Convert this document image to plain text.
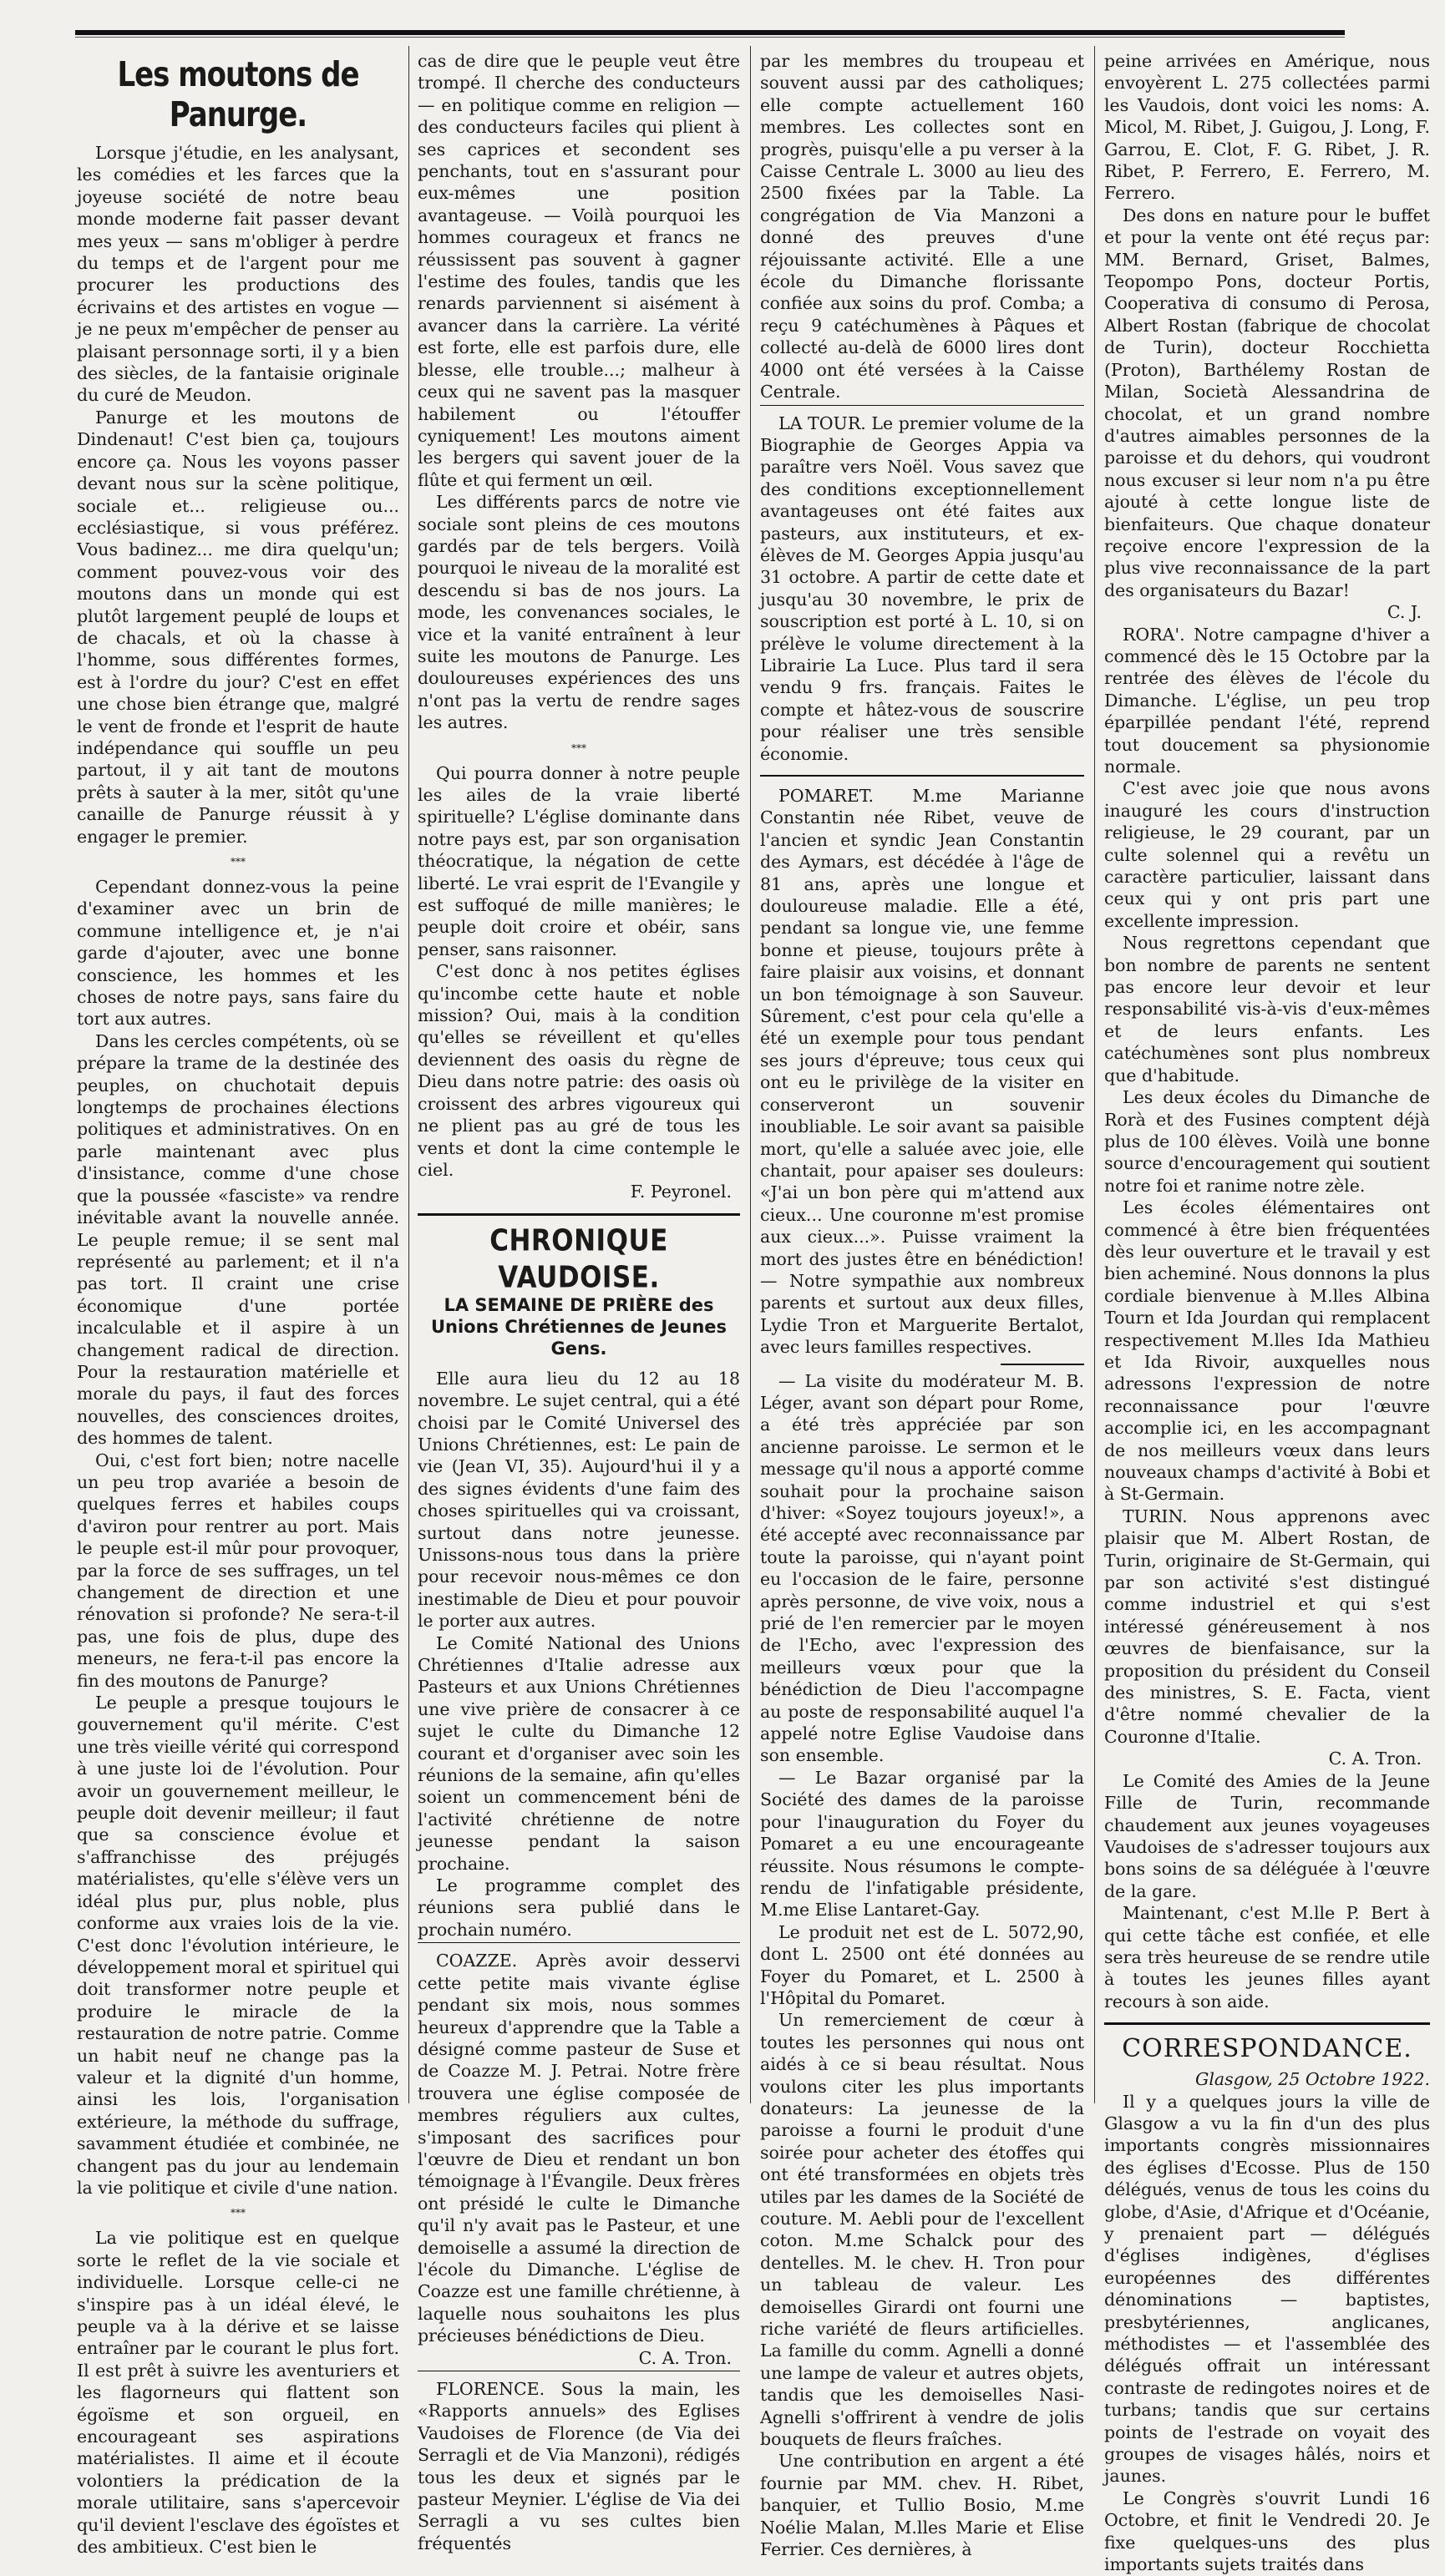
Les moutons de Panurge.

Lorsque j'étudie, en les analysant, les comédies et les farces que la joyeuse société de notre beau monde moderne fait passer devant mes yeux — sans m'obliger à perdre du temps et de l'argent pour me procurer les productions des écrivains et des artistes en vogue — je ne peux m'empêcher de penser au plaisant personnage sorti, il y a bien des siècles, de la fantaisie originale du curé de Meudon.

Panurge et les moutons de Dindenaut! C'est bien ça, toujours encore ça. Nous les voyons passer devant nous sur la scène politique, sociale et... religieuse ou... ecclésiastique, si vous préférez. Vous badinez... me dira quelqu'un; comment pouvez-vous voir des moutons dans un monde qui est plutôt largement peuplé de loups et de chacals, et où la chasse à l'homme, sous différentes formes, est à l'ordre du jour? C'est en effet une chose bien étrange que, malgré le vent de fronde et l'esprit de haute indépendance qui souffle un peu partout, il y ait tant de moutons prêts à sauter à la mer, sitôt qu'une canaille de Panurge réussit à y engager le premier.

***

Cependant donnez-vous la peine d'examiner avec un brin de commune intelligence et, je n'ai garde d'ajouter, avec une bonne conscience, les hommes et les choses de notre pays, sans faire du tort aux autres.

Dans les cercles compétents, où se prépare la trame de la destinée des peuples, on chuchotait depuis longtemps de prochaines élections politiques et administratives. On en parle maintenant avec plus d'insistance, comme d'une chose que la poussée «fasciste» va rendre inévitable avant la nouvelle année. Le peuple remue; il se sent mal représenté au parlement; et il n'a pas tort. Il craint une crise économique d'une portée incalculable et il aspire à un changement radical de direction. Pour la restauration matérielle et morale du pays, il faut des forces nouvelles, des consciences droites, des hommes de talent.

Oui, c'est fort bien; notre nacelle un peu trop avariée a besoin de quelques ferres et habiles coups d'aviron pour rentrer au port. Mais le peuple est-il mûr pour provoquer, par la force de ses suffrages, un tel changement de direction et une rénovation si profonde? Ne sera-t-il pas, une fois de plus, dupe des meneurs, ne fera-t-il pas encore la fin des moutons de Panurge?

Le peuple a presque toujours le gouvernement qu'il mérite. C'est une très vieille vérité qui correspond à une juste loi de l'évolution. Pour avoir un gouvernement meilleur, le peuple doit devenir meilleur; il faut que sa conscience évolue et s'affranchisse des préjugés matérialistes, qu'elle s'élève vers un idéal plus pur, plus noble, plus conforme aux vraies lois de la vie. C'est donc l'évolution intérieure, le développement moral et spirituel qui doit transformer notre peuple et produire le miracle de la restauration de notre patrie. Comme un habit neuf ne change pas la valeur et la dignité d'un homme, ainsi les lois, l'organisation extérieure, la méthode du suffrage, savamment étudiée et combinée, ne changent pas du jour au lendemain la vie politique et civile d'une nation.

***

La vie politique est en quelque sorte le reflet de la vie sociale et individuelle. Lorsque celle-ci ne s'inspire pas à un idéal élevé, le peuple va à la dérive et se laisse entraîner par le courant le plus fort. Il est prêt à suivre les aventuriers et les flagorneurs qui flattent son égoïsme et son orgueil, en encourageant ses aspirations matérialistes. Il aime et il écoute volontiers la prédication de la morale utilitaire, sans s'apercevoir qu'il devient l'esclave des égoïstes et des ambitieux. C'est bien le

cas de dire que le peuple veut être trompé. Il cherche des conducteurs — en politique comme en religion — des conducteurs faciles qui plient à ses caprices et secondent ses penchants, tout en s'assurant pour eux-mêmes une position avantageuse. — Voilà pourquoi les hommes courageux et francs ne réussissent pas souvent à gagner l'estime des foules, tandis que les renards parviennent si aisément à avancer dans la carrière. La vérité est forte, elle est parfois dure, elle blesse, elle trouble...; malheur à ceux qui ne savent pas la masquer habilement ou l'étouffer cyniquement! Les moutons aiment les bergers qui savent jouer de la flûte et qui ferment un œil.

Les différents parcs de notre vie sociale sont pleins de ces moutons gardés par de tels bergers. Voilà pourquoi le niveau de la moralité est descendu si bas de nos jours. La mode, les convenances sociales, le vice et la vanité entraînent à leur suite les moutons de Panurge. Les douloureuses expériences des uns n'ont pas la vertu de rendre sages les autres.

***

Qui pourra donner à notre peuple les ailes de la vraie liberté spirituelle? L'église dominante dans notre pays est, par son organisation théocratique, la négation de cette liberté. Le vrai esprit de l'Evangile y est suffoqué de mille manières; le peuple doit croire et obéir, sans penser, sans raisonner.

C'est donc à nos petites églises qu'incombe cette haute et noble mission? Oui, mais à la condition qu'elles se réveillent et qu'elles deviennent des oasis du règne de Dieu dans notre patrie: des oasis où croissent des arbres vigoureux qui ne plient pas au gré de tous les vents et dont la cime contemple le ciel.

F. Peyronel.

CHRONIQUE VAUDOISE.
LA SEMAINE DE PRIÈRE des Unions Chrétiennes de Jeunes Gens.

Elle aura lieu du 12 au 18 novembre. Le sujet central, qui a été choisi par le Comité Universel des Unions Chrétiennes, est: Le pain de vie (Jean VI, 35). Aujourd'hui il y a des signes évidents d'une faim des choses spirituelles qui va croissant, surtout dans notre jeunesse. Unissons-nous tous dans la prière pour recevoir nous-mêmes ce don inestimable de Dieu et pour pouvoir le porter aux autres.

Le Comité National des Unions Chrétiennes d'Italie adresse aux Pasteurs et aux Unions Chrétiennes une vive prière de consacrer à ce sujet le culte du Dimanche 12 courant et d'organiser avec soin les réunions de la semaine, afin qu'elles soient un commencement béni de l'activité chrétienne de notre jeunesse pendant la saison prochaine.

Le programme complet des réunions sera publié dans le prochain numéro.

COAZZE. Après avoir desservi cette petite mais vivante église pendant six mois, nous sommes heureux d'apprendre que la Table a désigné comme pasteur de Suse et de Coazze M. J. Petrai. Notre frère trouvera une église composée de membres réguliers aux cultes, s'imposant des sacrifices pour l'œuvre de Dieu et rendant un bon témoignage à l'Évangile. Deux frères ont présidé le culte le Dimanche qu'il n'y avait pas le Pasteur, et une demoiselle a assumé la direction de l'école du Dimanche. L'église de Coazze est une famille chrétienne, à laquelle nous souhaitons les plus précieuses bénédictions de Dieu.

C. A. Tron.

FLORENCE. Sous la main, les «Rapports annuels» des Eglises Vaudoises de Florence (de Via dei Serragli et de Via Manzoni), rédigés tous les deux et signés par le pasteur Meynier. L'église de Via dei Serragli a vu ses cultes bien fréquentés

par les membres du troupeau et souvent aussi par des catholiques; elle compte actuellement 160 membres. Les collectes sont en progrès, puisqu'elle a pu verser à la Caisse Centrale L. 3000 au lieu des 2500 fixées par la Table. La congrégation de Via Manzoni a donné des preuves d'une réjouissante activité. Elle a une école du Dimanche florissante confiée aux soins du prof. Comba; a reçu 9 catéchumènes à Pâques et collecté au-delà de 6000 lires dont 4000 ont été versées à la Caisse Centrale.

LA TOUR. Le premier volume de la Biographie de Georges Appia va paraître vers Noël. Vous savez que des conditions exceptionnellement avantageuses ont été faites aux pasteurs, aux instituteurs, et ex-élèves de M. Georges Appia jusqu'au 31 octobre. A partir de cette date et jusqu'au 30 novembre, le prix de souscription est porté à L. 10, si on prélève le volume directement à la Librairie La Luce. Plus tard il sera vendu 9 frs. français. Faites le compte et hâtez-vous de souscrire pour réaliser une très sensible économie.

POMARET. M.me Marianne Constantin née Ribet, veuve de l'ancien et syndic Jean Constantin des Aymars, est décédée à l'âge de 81 ans, après une longue et douloureuse maladie. Elle a été, pendant sa longue vie, une femme bonne et pieuse, toujours prête à faire plaisir aux voisins, et donnant un bon témoignage à son Sauveur. Sûrement, c'est pour cela qu'elle a été un exemple pour tous pendant ses jours d'épreuve; tous ceux qui ont eu le privilège de la visiter en conserveront un souvenir inoubliable. Le soir avant sa paisible mort, qu'elle a saluée avec joie, elle chantait, pour apaiser ses douleurs: «J'ai un bon père qui m'attend aux cieux... Une couronne m'est promise aux cieux...». Puisse vraiment la mort des justes être en bénédiction! — Notre sympathie aux nombreux parents et surtout aux deux filles, Lydie Tron et Marguerite Bertalot, avec leurs familles respectives.

— La visite du modérateur M. B. Léger, avant son départ pour Rome, a été très appréciée par son ancienne paroisse. Le sermon et le message qu'il nous a apporté comme souhait pour la prochaine saison d'hiver: «Soyez toujours joyeux!», a été accepté avec reconnaissance par toute la paroisse, qui n'ayant point eu l'occasion de le faire, personne après personne, de vive voix, nous a prié de l'en remercier par le moyen de l'Echo, avec l'expression des meilleurs vœux pour que la bénédiction de Dieu l'accompagne au poste de responsabilité auquel l'a appelé notre Eglise Vaudoise dans son ensemble.

— Le Bazar organisé par la Société des dames de la paroisse pour l'inauguration du Foyer du Pomaret a eu une encourageante réussite. Nous résumons le compte-rendu de l'infatigable présidente, M.me Elise Lantaret-Gay.

Le produit net est de L. 5072,90, dont L. 2500 ont été données au Foyer du Pomaret, et L. 2500 à l'Hôpital du Pomaret.

Un remerciement de cœur à toutes les personnes qui nous ont aidés à ce si beau résultat. Nous voulons citer les plus importants donateurs: La jeunesse de la paroisse a fourni le produit d'une soirée pour acheter des étoffes qui ont été transformées en objets très utiles par les dames de la Société de couture. M. Aebli pour de l'excellent coton. M.me Schalck pour des dentelles. M. le chev. H. Tron pour un tableau de valeur. Les demoiselles Girardi ont fourni une riche variété de fleurs artificielles. La famille du comm. Agnelli a donné une lampe de valeur et autres objets, tandis que les demoiselles Nasi-Agnelli s'offrirent à vendre de jolis bouquets de fleurs fraîches.

Une contribution en argent a été fournie par MM. chev. H. Ribet, banquier, et Tullio Bosio, M.me Noélie Malan, M.lles Marie et Elise Ferrier. Ces dernières, à

peine arrivées en Amérique, nous envoyèrent L. 275 collectées parmi les Vaudois, dont voici les noms: A. Micol, M. Ribet, J. Guigou, J. Long, F. Garrou, E. Clot, F. G. Ribet, J. R. Ribet, P. Ferrero, E. Ferrero, M. Ferrero.

Des dons en nature pour le buffet et pour la vente ont été reçus par: MM. Bernard, Griset, Balmes, Teopompo Pons, docteur Portis, Cooperativa di consumo di Perosa, Albert Rostan (fabrique de chocolat de Turin), docteur Rocchietta (Proton), Barthélemy Rostan de Milan, Società Alessandrina de chocolat, et un grand nombre d'autres aimables personnes de la paroisse et du dehors, qui voudront nous excuser si leur nom n'a pu être ajouté à cette longue liste de bienfaiteurs. Que chaque donateur reçoive encore l'expression de la plus vive reconnaissance de la part des organisateurs du Bazar!

C. J.

RORA'. Notre campagne d'hiver a commencé dès le 15 Octobre par la rentrée des élèves de l'école du Dimanche. L'église, un peu trop éparpillée pendant l'été, reprend tout doucement sa physionomie normale.

C'est avec joie que nous avons inauguré les cours d'instruction religieuse, le 29 courant, par un culte solennel qui a revêtu un caractère particulier, laissant dans ceux qui y ont pris part une excellente impression.

Nous regrettons cependant que bon nombre de parents ne sentent pas encore leur devoir et leur responsabilité vis-à-vis d'eux-mêmes et de leurs enfants. Les catéchumènes sont plus nombreux que d'habitude.

Les deux écoles du Dimanche de Rorà et des Fusines comptent déjà plus de 100 élèves. Voilà une bonne source d'encouragement qui soutient notre foi et ranime notre zèle.

Les écoles élémentaires ont commencé à être bien fréquentées dès leur ouverture et le travail y est bien acheminé. Nous donnons la plus cordiale bienvenue à M.lles Albina Tourn et Ida Jourdan qui remplacent respectivement M.lles Ida Mathieu et Ida Rivoir, auxquelles nous adressons l'expression de notre reconnaissance pour l'œuvre accomplie ici, en les accompagnant de nos meilleurs vœux dans leurs nouveaux champs d'activité à Bobi et à St-Germain.

TURIN. Nous apprenons avec plaisir que M. Albert Rostan, de Turin, originaire de St-Germain, qui par son activité s'est distingué comme industriel et qui s'est intéressé généreusement à nos œuvres de bienfaisance, sur la proposition du président du Conseil des ministres, S. E. Facta, vient d'être nommé chevalier de la Couronne d'Italie.

C. A. Tron.

Le Comité des Amies de la Jeune Fille de Turin, recommande chaudement aux jeunes voyageuses Vaudoises de s'adresser toujours aux bons soins de sa déléguée à l'œuvre de la gare.

Maintenant, c'est M.lle P. Bert à qui cette tâche est confiée, et elle sera très heureuse de se rendre utile à toutes les jeunes filles ayant recours à son aide.

CORRESPONDANCE.

Glasgow, 25 Octobre 1922.

Il y a quelques jours la ville de Glasgow a vu la fin d'un des plus importants congrès missionnaires des églises d'Ecosse. Plus de 150 délégués, venus de tous les coins du globe, d'Asie, d'Afrique et d'Océanie, y prenaient part — délégués d'églises indigènes, d'églises européennes des différentes dénominations — baptistes, presbytériennes, anglicanes, méthodistes — et l'assemblée des délégués offrait un intéressant contraste de redingotes noires et de turbans; tandis que sur certains points de l'estrade on voyait des groupes de visages hâlés, noirs et jaunes.

Le Congrès s'ouvrit Lundi 16 Octobre, et finit le Vendredi 20. Je fixe quelques-uns des plus importants sujets traités dans
